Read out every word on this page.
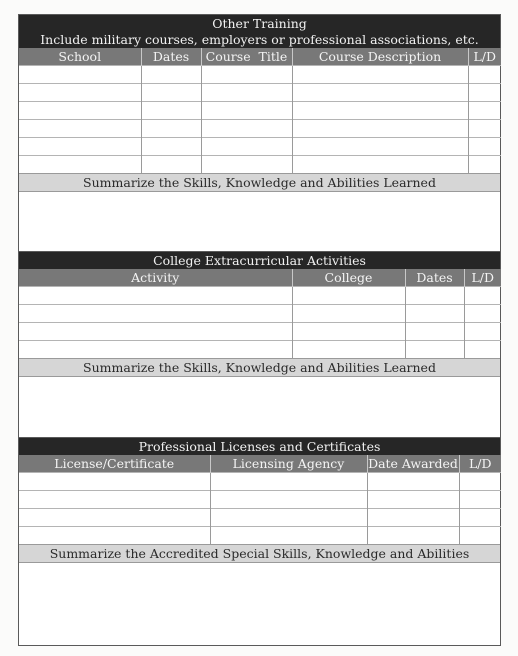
Other Training
Include military courses, employers or professional associations, etc.
School	Dates	Course  Title	Course Description	L/D

Summarize the Skills, Knowledge and Abilities Learned
College Extracurricular Activities
Activity	College	Dates	L/D

Summarize the Skills, Knowledge and Abilities Learned
Professional Licenses and Certificates
License/Certificate	Licensing Agency	Date Awarded	L/D

Summarize the Accredited Special Skills, Knowledge and Abilities
